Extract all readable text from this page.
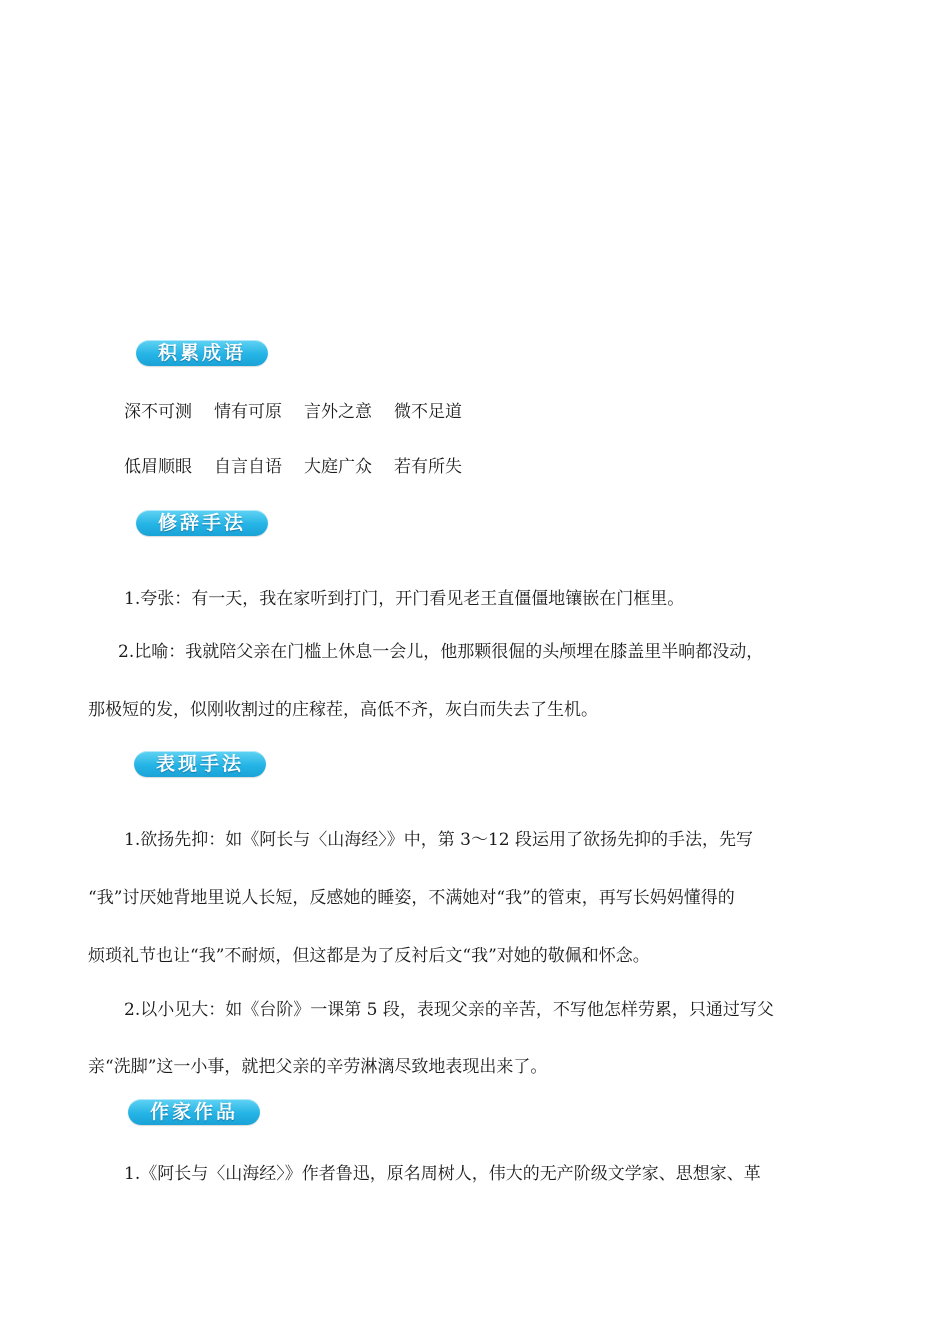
积累成语
深不可测 情有可原 言外之意 微不足道
低眉顺眼 自言自语 大庭广众 若有所失
修辞手法
1.夸张：有一天，我在家听到打门，开门看见老王直僵僵地镶嵌在门框里。
2.比喻：我就陪父亲在门槛上休息一会儿，他那颗很倔的头颅埋在膝盖里半晌都没动，
那极短的发，似刚收割过的庄稼茬，高低不齐，灰白而失去了生机。
表现手法
1.欲扬先抑：如《阿长与〈山海经〉》中，第 3～12 段运用了欲扬先抑的手法，先写
“我”讨厌她背地里说人长短，反感她的睡姿，不满她对“我”的管束，再写长妈妈懂得的
烦琐礼节也让“我”不耐烦，但这都是为了反衬后文“我”对她的敬佩和怀念。
2.以小见大：如《台阶》一课第 5 段，表现父亲的辛苦，不写他怎样劳累，只通过写父
亲“洗脚”这一小事，就把父亲的辛劳淋漓尽致地表现出来了。
作家作品
1.《阿长与〈山海经〉》作者鲁迅，原名周树人，伟大的无产阶级文学家、思想家、革
